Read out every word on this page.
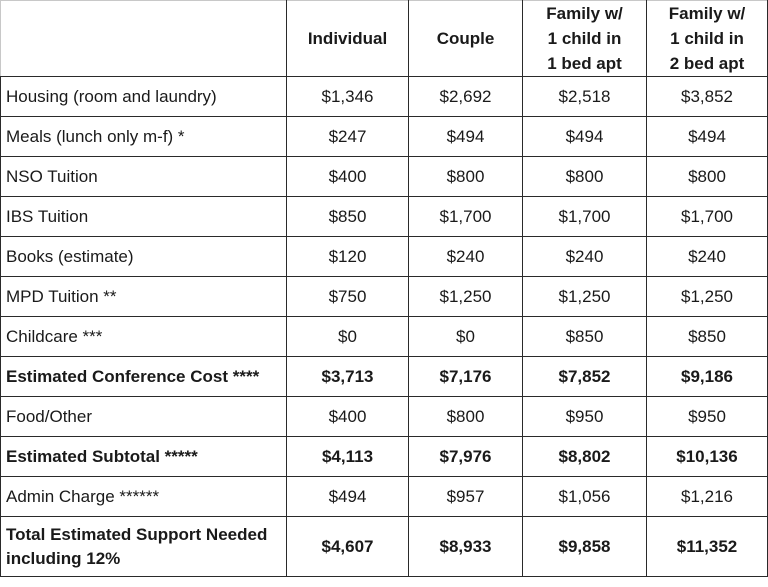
	Individual	Couple	Family w/
1 child in
1 bed apt	Family w/
1 child in
2 bed apt

Housing (room and laundry)	$1,346	$2,692	$2,518	$3,852
Meals (lunch only m-f) *	$247	$494	$494	$494
NSO Tuition	$400	$800	$800	$800
IBS Tuition	$850	$1,700	$1,700	$1,700
Books (estimate)	$120	$240	$240	$240
MPD Tuition **	$750	$1,250	$1,250	$1,250
Childcare ***	$0	$0	$850	$850
Estimated Conference Cost ****	$3,713	$7,176	$7,852	$9,186
Food/Other	$400	$800	$950	$950
Estimated Subtotal *****	$4,113	$7,976	$8,802	$10,136
Admin Charge ******	$494	$957	$1,056	$1,216
Total Estimated Support Needed including 12%	$4,607	$8,933	$9,858	$11,352
